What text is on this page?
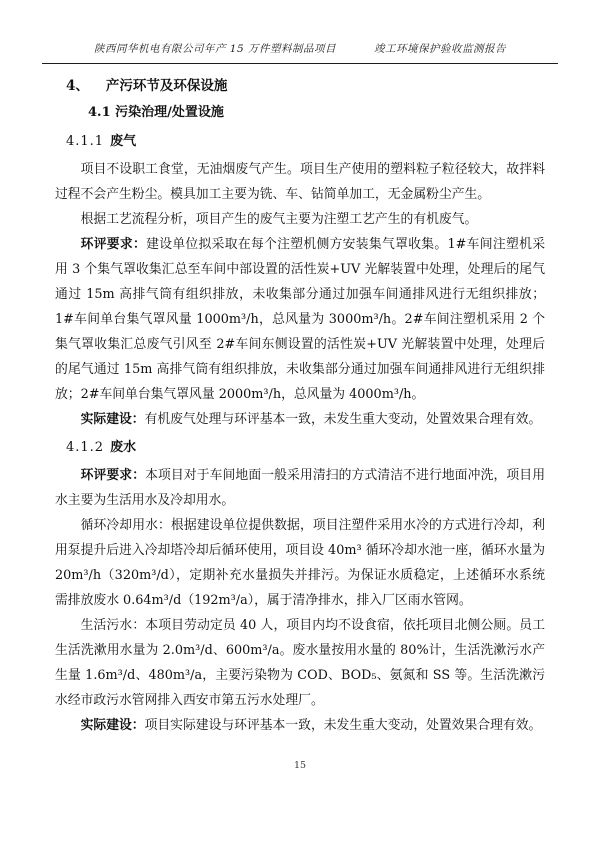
陕西同华机电有限公司年产 15 万件塑料制品项目	竣工环境保护验收监测报告
4、 产污环节及环保设施
4.1 污染治理/处置设施
4.1.1 废气

项目不设职工食堂，无油烟废气产生。项目生产使用的塑料粒子粒径较大，故拌料过程不会产生粉尘。模具加工主要为铣、车、钻简单加工，无金属粉尘产生。

根据工艺流程分析，项目产生的废气主要为注塑工艺产生的有机废气。

环评要求：建设单位拟采取在每个注塑机侧方安装集气罩收集。1#车间注塑机采用 3 个集气罩收集汇总至车间中部设置的活性炭+UV 光解装置中处理，处理后的尾气通过 15m 高排气筒有组织排放，未收集部分通过加强车间通排风进行无组织排放；1#车间单台集气罩风量 1000m³/h，总风量为 3000m³/h。2#车间注塑机采用 2 个集气罩收集汇总废气引风至 2#车间东侧设置的活性炭+UV 光解装置中处理，处理后的尾气通过 15m 高排气筒有组织排放，未收集部分通过加强车间通排风进行无组织排放；2#车间单台集气罩风量 2000m³/h，总风量为 4000m³/h。

实际建设：有机废气处理与环评基本一致，未发生重大变动，处置效果合理有效。

4.1.2 废水

环评要求：本项目对于车间地面一般采用清扫的方式清洁不进行地面冲洗，项目用水主要为生活用水及冷却用水。

循环冷却用水：根据建设单位提供数据，项目注塑件采用水冷的方式进行冷却，利用泵提升后进入冷却塔冷却后循环使用，项目设 40m³ 循环冷却水池一座，循环水量为 20m³/h（320m³/d），定期补充水量损失并排污。为保证水质稳定，上述循环水系统需排放废水 0.64m³/d（192m³/a），属于清净排水，排入厂区雨水管网。

生活污水：本项目劳动定员 40 人，项目内均不设食宿，依托项目北侧公厕。员工生活洗漱用水量为 2.0m³/d、600m³/a。废水量按用水量的 80%计，生活洗漱污水产生量 1.6m³/d、480m³/a，主要污染物为 COD、BOD₅、氨氮和 SS 等。生活洗漱污水经市政污水管网排入西安市第五污水处理厂。

实际建设：项目实际建设与环评基本一致，未发生重大变动，处置效果合理有效。

15
